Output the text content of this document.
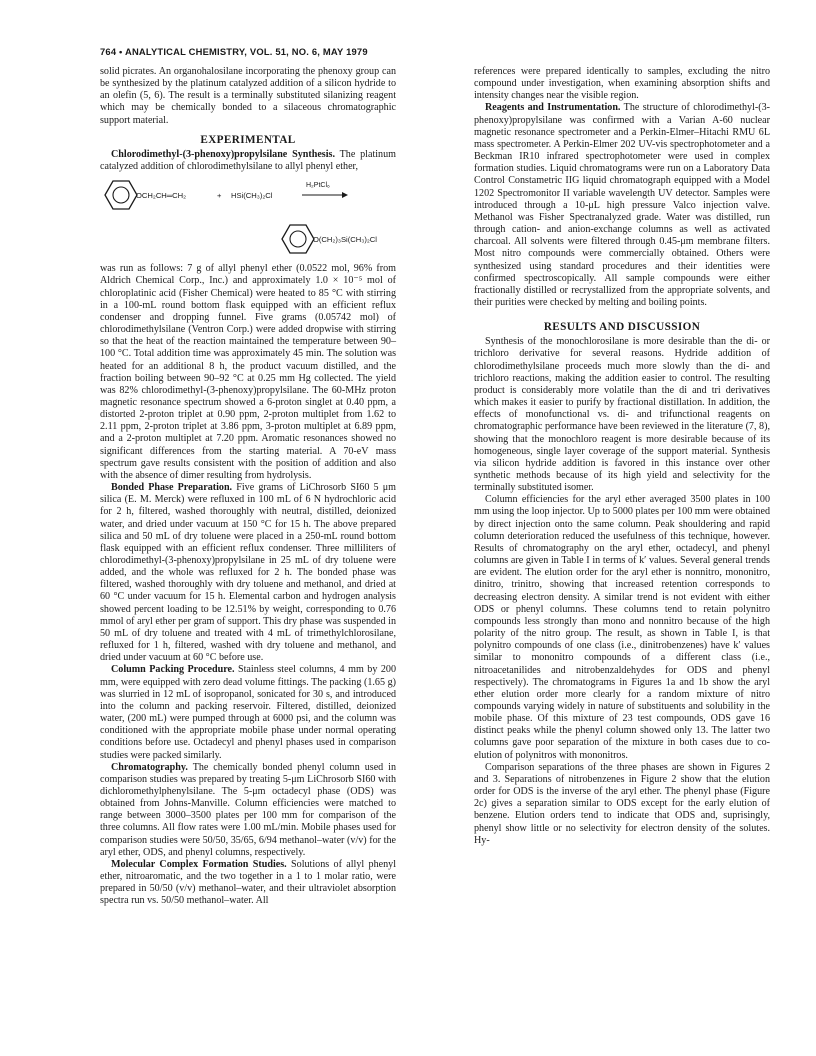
764 • ANALYTICAL CHEMISTRY, VOL. 51, NO. 6, MAY 1979

solid picrates. An organohalosilane incorporating the phenoxy group can be synthesized by the platinum catalyzed addition of a silicon hydride to an olefin (5, 6). The result is a terminally substituted silanizing reagent which may be chemically bonded to a silaceous chromatographic support material.

EXPERIMENTAL

Chlorodimethyl-(3-phenoxy)propylsilane Synthesis. The platinum catalyzed addition of chlorodimethylsilane to allyl phenyl ether,

OCH₂CH═CH₂	+ HSi(CH₃)₂Cl
H₂PtCl₆
O(CH₂)₃Si(CH₃)₂Cl

was run as follows: 7 g of allyl phenyl ether (0.0522 mol, 96% from Aldrich Chemical Corp., Inc.) and approximately 1.0 × 10⁻⁵ mol of chloroplatinic acid (Fisher Chemical) were heated to 85 °C with stirring in a 100-mL round bottom flask equipped with an efficient reflux condenser and dropping funnel. Five grams (0.05742 mol) of chlorodimethylsilane (Ventron Corp.) were added dropwise with stirring so that the heat of the reaction maintained the temperature between 90–100 °C. Total addition time was approximately 45 min. The solution was heated for an additional 8 h, the product vacuum distilled, and the fraction boiling between 90–92 °C at 0.25 mm Hg collected. The yield was 82% chlorodimethyl-(3-phenoxy)propylsilane. The 60-MHz proton magnetic resonance spectrum showed a 6-proton singlet at 0.40 ppm, a distorted 2-proton triplet at 0.90 ppm, 2-proton multiplet from 1.62 to 2.11 ppm, 2-proton triplet at 3.86 ppm, 3-proton multiplet at 6.89 ppm, and a 2-proton multiplet at 7.20 ppm. Aromatic resonances showed no significant differences from the starting material. A 70-eV mass spectrum gave results consistent with the position of addition and also with the absence of dimer resulting from hydrolysis.

Bonded Phase Preparation. Five grams of LiChrosorb SI60 5 μm silica (E. M. Merck) were refluxed in 100 mL of 6 N hydrochloric acid for 2 h, filtered, washed thoroughly with neutral, distilled, deionized water, and dried under vacuum at 150 °C for 15 h. The above prepared silica and 50 mL of dry toluene were placed in a 250-mL round bottom flask equipped with an efficient reflux condenser. Three milliliters of chlorodimethyl-(3-phenoxy)propylsilane in 25 mL of dry toluene were added, and the whole was refluxed for 2 h. The bonded phase was filtered, washed thoroughly with dry toluene and methanol, and dried at 60 °C under vacuum for 15 h. Elemental carbon and hydrogen analysis showed percent loading to be 12.51% by weight, corresponding to 0.76 mmol of aryl ether per gram of support. This dry phase was suspended in 50 mL of dry toluene and treated with 4 mL of trimethylchlorosilane, refluxed for 1 h, filtered, washed with dry toluene and methanol, and dried under vacuum at 60 °C before use.

Column Packing Procedure. Stainless steel columns, 4 mm by 200 mm, were equipped with zero dead volume fittings. The packing (1.65 g) was slurried in 12 mL of isopropanol, sonicated for 30 s, and introduced into the column and packing reservoir. Filtered, distilled, deionized water, (200 mL) were pumped through at 6000 psi, and the column was conditioned with the appropriate mobile phase under normal operating conditions before use. Octadecyl and phenyl phases used in comparison studies were packed similarly.

Chromatography. The chemically bonded phenyl column used in comparison studies was prepared by treating 5-μm LiChrosorb SI60 with dichloromethylphenylsilane. The 5-μm octadecyl phase (ODS) was obtained from Johns-Manville. Column efficiencies were matched to range between 3000–3500 plates per 100 mm for comparison of the three columns. All flow rates were 1.00 mL/min. Mobile phases used for comparison studies were 50/50, 35/65, 6/94 methanol–water (v/v) for the aryl ether, ODS, and phenyl columns, respectively.

Molecular Complex Formation Studies. Solutions of allyl phenyl ether, nitroaromatic, and the two together in a 1 to 1 molar ratio, were prepared in 50/50 (v/v) methanol–water, and their ultraviolet absorption spectra run vs. 50/50 methanol–water. All

references were prepared identically to samples, excluding the nitro compound under investigation, when examining absorption shifts and intensity changes near the visible region.

Reagents and Instrumentation. The structure of chlorodimethyl-(3-phenoxy)propylsilane was confirmed with a Varian A-60 nuclear magnetic resonance spectrometer and a Perkin-Elmer–Hitachi RMU 6L mass spectrometer. A Perkin-Elmer 202 UV-vis spectrophotometer and a Beckman IR10 infrared spectrophotometer were used in complex formation studies. Liquid chromatograms were run on a Laboratory Data Control Constametric IIG liquid chromatograph equipped with a Model 1202 Spectromonitor II variable wavelength UV detector. Samples were introduced through a 10-μL high pressure Valco injection valve. Methanol was Fisher Spectranalyzed grade. Water was distilled, run through cation- and anion-exchange columns as well as activated charcoal. All solvents were filtered through 0.45-μm membrane filters. Most nitro compounds were commercially obtained. Others were synthesized using standard procedures and their identities were confirmed spectroscopically. All sample compounds were either fractionally distilled or recrystallized from the appropriate solvents, and their purities were checked by melting and boiling points.

RESULTS AND DISCUSSION

Synthesis of the monochlorosilane is more desirable than the di- or trichloro derivative for several reasons. Hydride addition of chlorodimethylsilane proceeds much more slowly than the di- and trichloro reactions, making the addition easier to control. The resulting product is considerably more volatile than the di and tri derivatives which makes it easier to purify by fractional distillation. In addition, the effects of monofunctional vs. di- and trifunctional reagents on chromatographic performance have been reviewed in the literature (7, 8), showing that the monochloro reagent is more desirable because of its homogeneous, single layer coverage of the support material. Synthesis via silicon hydride addition is favored in this instance over other synthetic methods because of its high yield and selectivity for the terminally substituted isomer.

Column efficiencies for the aryl ether averaged 3500 plates in 100 mm using the loop injector. Up to 5000 plates per 100 mm were obtained by direct injection onto the same column. Peak shouldering and rapid column deterioration reduced the usefulness of this technique, however. Results of chromatography on the aryl ether, octadecyl, and phenyl columns are given in Table I in terms of k′ values. Several general trends are evident. The elution order for the aryl ether is nonnitro, mononitro, dinitro, trinitro, showing that increased retention corresponds to decreasing electron density. A similar trend is not evident with either ODS or phenyl columns. These columns tend to retain polynitro compounds less strongly than mono and nonnitro because of the high polarity of the nitro group. The result, as shown in Table I, is that polynitro compounds of one class (i.e., dinitrobenzenes) have k′ values similar to mononitro compounds of a different class (i.e., nitroacetanilides and nitrobenzaldehydes for ODS and phenyl respectively). The chromatograms in Figures 1a and 1b show the aryl ether elution order more clearly for a random mixture of nitro compounds varying widely in nature of substituents and solubility in the mobile phase. Of this mixture of 23 test compounds, ODS gave 16 distinct peaks while the phenyl column showed only 13. The latter two columns gave poor separation of the mixture in both cases due to co-elution of polynitros with mononitros.

Comparison separations of the three phases are shown in Figures 2 and 3. Separations of nitrobenzenes in Figure 2 show that the elution order for ODS is the inverse of the aryl ether. The phenyl phase (Figure 2c) gives a separation similar to ODS except for the early elution of benzene. Elution orders tend to indicate that ODS and, suprisingly, phenyl show little or no selectivity for electron density of the solutes. Hy-
